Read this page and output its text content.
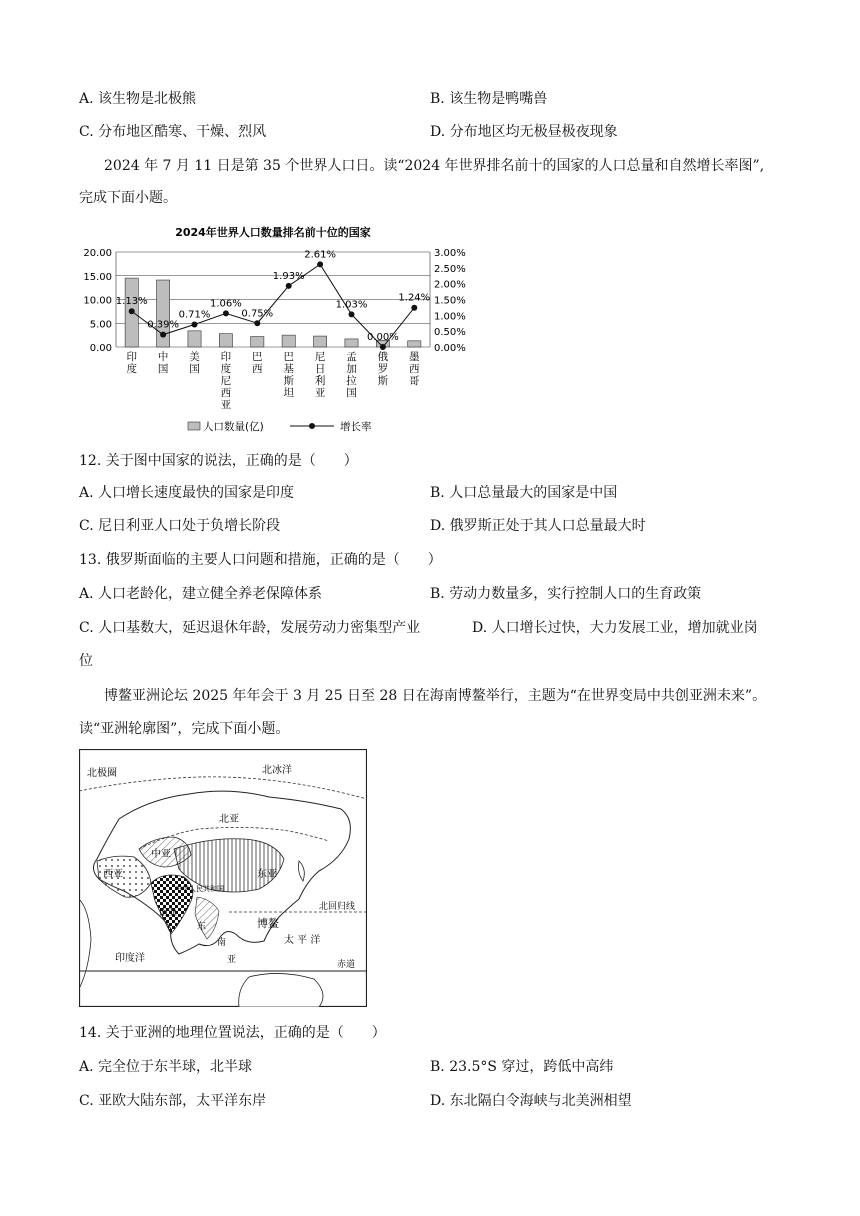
A. 该生物是北极熊	B. 该生物是鸭嘴兽
C. 分布地区酷寒、干燥、烈风	D. 分布地区均无极昼极夜现象
2024 年 7 月 11 日是第 35 个世界人口日。读“2024 年世界排名前十的国家的人口总量和自然增长率图”,
完成下面小题。
2024年世界人口数量排名前十位的国家
20.00
15.00
10.00
5.00
0.00
3.00%
2.50%
2.00%
1.50%
1.00%
0.50%
0.00%
1.13%
0.39%
0.71%
1.06%
0.75%
1.93%
2.61%
1.03%
0.00%
1.24%
印
度
中
国
美
国
印
度
尼
西
亚
巴
西
巴
基
斯
坦
尼
日
利
亚
孟
加
拉
国
俄
罗
斯
墨
西
哥
人口数量(亿)	增长率
12. 关于图中国家的说法，正确的是（　　）
A. 人口增长速度最快的国家是印度	B. 人口总量最大的国家是中国
C. 尼日利亚人口处于负增长阶段	D. 俄罗斯正处于其人口总量最大时
13. 俄罗斯面临的主要人口问题和措施，正确的是（　　）
A. 人口老龄化，建立健全养老保障体系	B. 劳动力数量多，实行控制人口的生育政策
C. 人口基数大，延迟退休年龄，发展劳动力密集型产业	D. 人口增长过快，大力发展工业，增加就业岗
位
博鳌亚洲论坛 2025 年年会于 3 月 25 日至 28 日在海南博鳌举行，主题为“在世界变局中共创亚洲未来”。
读“亚洲轮廓图”，完成下面小题。
北极圈	北冰洋
北亚
中亚
东亚
西亚
中华人民共和国
南亚
北回归线
博鳌
太 平 洋
东
南
亚
印度洋
赤道
14. 关于亚洲的地理位置说法，正确的是（　　）
A. 完全位于东半球，北半球	B. 23.5°S 穿过，跨低中高纬
C. 亚欧大陆东部，太平洋东岸	D. 东北隔白令海峡与北美洲相望
